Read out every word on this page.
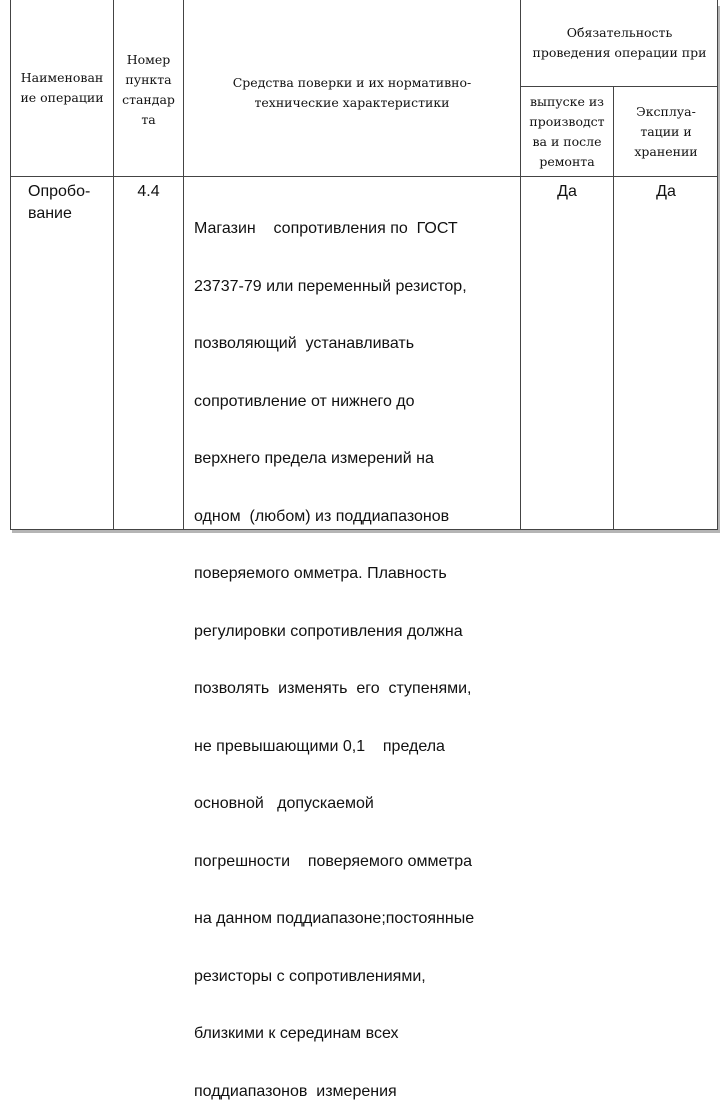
Наименован
ие операции
Номер
пункта
стандар
та
Средства поверки и их нормативно-
технические характеристики
Обязательность
проведения операции при
выпуске из
производст
ва и после
ремонта
Эксплуа-
тации и
хранении
Опробо-
вание
4.4

Магазин    сопротивления по  ГОСТ

23737-79 или переменный резистор,

позволяющий  устанавливать

сопротивление от нижнего до

верхнего предела измерений на

одном  (любом) из поддиапазонов

поверяемого омметра. Плавность

регулировки сопротивления должна

позволять  изменять  его  ступенями,

не превышающими 0,1    предела

основной   допускаемой

погрешности    поверяемого омметра

на данном поддиапазоне;постоянные

резисторы с сопротивлениями,

близкими к серединам всех

поддиапазонов  измерения

Да	Да
